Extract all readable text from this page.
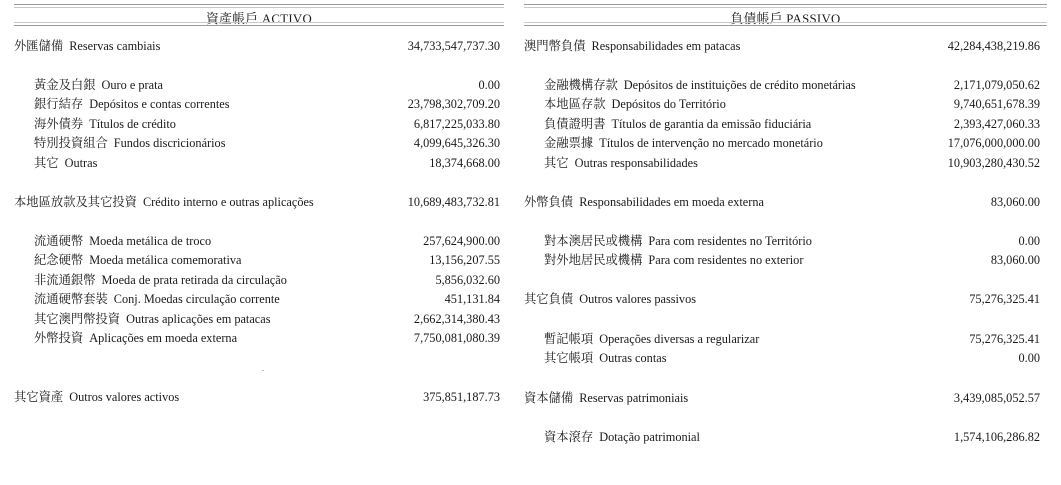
資產帳戶 ACTIVO
外匯儲備 Reservas cambiais	34,733,547,737.30
黃金及白銀 Ouro e prata	0.00
銀行結存 Depósitos e contas correntes	23,798,302,709.20
海外債券 Títulos de crédito	6,817,225,033.80
特別投資組合 Fundos discricionários	4,099,645,326.30
其它 Outras	18,374,668.00
本地區放款及其它投資 Crédito interno e outras aplicações	10,689,483,732.81
流通硬幣 Moeda metálica de troco	257,624,900.00
紀念硬幣 Moeda metálica comemorativa	13,156,207.55
非流通銀幣 Moeda de prata retirada da circulação	5,856,032.60
流通硬幣套裝 Conj. Moedas circulação corrente	451,131.84
其它澳門幣投資 Outras aplicações em patacas	2,662,314,380.43
外幣投資 Aplicações em moeda externa	7,750,081,080.39
其它資產 Outros valores activos	375,851,187.73
負債帳戶 PASSIVO
澳門幣負債 Responsabilidades em patacas	42,284,438,219.86
金融機構存款 Depósitos de instituições de crédito monetárias	2,171,079,050.62
本地區存款 Depósitos do Território	9,740,651,678.39
負債證明書 Títulos de garantia da emissão fiduciária	2,393,427,060.33
金融票據 Títulos de intervenção no mercado monetário	17,076,000,000.00
其它 Outras responsabilidades	10,903,280,430.52
外幣負債 Responsabilidades em moeda externa	83,060.00
對本澳居民或機構 Para com residentes no Território	0.00
對外地居民或機構 Para com residentes no exterior	83,060.00
其它負債 Outros valores passivos	75,276,325.41
暫記帳項 Operações diversas a regularizar	75,276,325.41
其它帳項 Outras contas	0.00
資本儲備 Reservas patrimoniais	3,439,085,052.57
資本滾存 Dotação patrimonial	1,574,106,286.82
